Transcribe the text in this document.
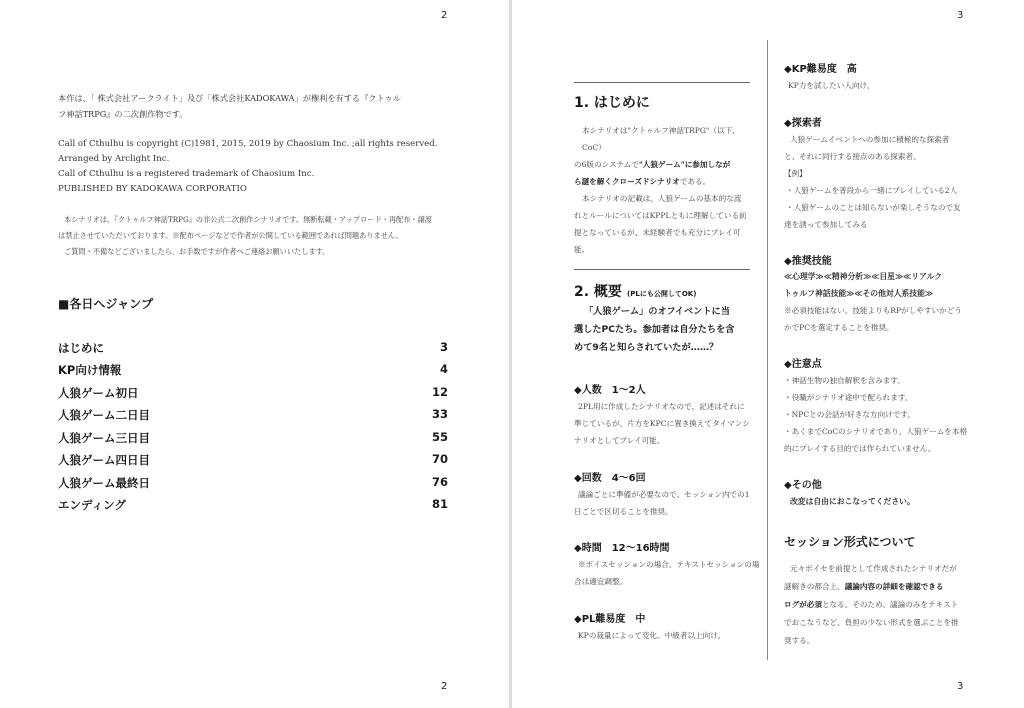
2
本作は、「 株式会社アークライト」及び「株式会社KADOKAWA」が権利を有する『クトゥル
フ神話TRPG』の二次創作物です。
Call of Cthulhu is copyright (C)1981, 2015, 2019 by Chaosium Inc. ;all rights reserved.
Arranged by Arclight Inc.
Call of Cthulhu is a registered trademark of Chaosium Inc.
PUBLISHED BY KADOKAWA CORPORATIO
本シナリオは、『クトゥルフ神話TRPG』の非公式二次創作シナリオです。無断転載・アップロード・再配布・譲渡
は禁止させていただいております。※配布ページなどで作者が公開している範囲であれば問題ありません。
ご質問・不備などございましたら、お手数ですが作者へご連絡お願いいたします。
■各日へジャンプ
はじめに	3
KP向け情報	4
人狼ゲーム初日	12
人狼ゲーム二日目	33
人狼ゲーム三日目	55
人狼ゲーム四日目	70
人狼ゲーム最終日	76
エンディング	81
2
3
1. はじめに
本シナリオは"クトゥルフ神話TRPG"（以下、CoC）
の6版のシステムで"人狼ゲーム"に参加しなが
ら謎を解くクローズドシナリオである。
本シナリオの記載は、人狼ゲームの基本的な流
れとルールについてはKPPLともに理解している前
提となっているが、未経験者でも充分にプレイ可
能。
2. 概要 (PLにも公開してOK)
「人狼ゲーム」のオフイベントに当
選したPCたち。参加者は自分たちを含
めて9名と知らされていたが……？
◆人数　1〜2人
2PL用に作成したシナリオなので、記述はそれに
準じているが、片方をKPCに置き換えてタイマンシ
ナリオとしてプレイ可能。
◆回数　4〜6回
議論ごとに準備が必要なので、セッション内での1
日ごとで区切ることを推奨。
◆時間　12〜16時間
※ボイスセッションの場合。テキストセッションの場
合は適宜調整。
◆PL難易度　中
KPの裁量によって変化。中級者以上向け。
◆KP難易度　高
KP力を試したい人向け。
◆探索者
人狼ゲームイベントへの参加に積極的な探索者
と、それに同行する接点のある探索者。
【例】
・人狼ゲームを普段から一緒にプレイしている2人
・人狼ゲームのことは知らないが楽しそうなので友
達を誘って参加してみる
◆推奨技能
≪心理学≫≪精神分析≫≪目星≫≪リアルク
トゥルフ神話技能≫≪その他対人系技能≫
※必須技能はない。技能よりもRPがしやすいかどう
かでPCを選定することを推奨。
◆注意点
・神話生物の独自解釈を含みます。
・役職がシナリオ途中で配られます。
・NPCとの会話が好きな方向けです。
・あくまでCoCのシナリオであり、人狼ゲームを本格
的にプレイする目的では作られていません。
◆その他
改変は自由におこなってください。
セッション形式について
元々ボイセを前提として作成されたシナリオだが
謎解きの都合上、議論内容の詳細を確認できる
ログが必須となる。そのため、議論のみをテキスト
でおこなうなど、負担の少ない形式を選ぶことを推
奨する。
3
